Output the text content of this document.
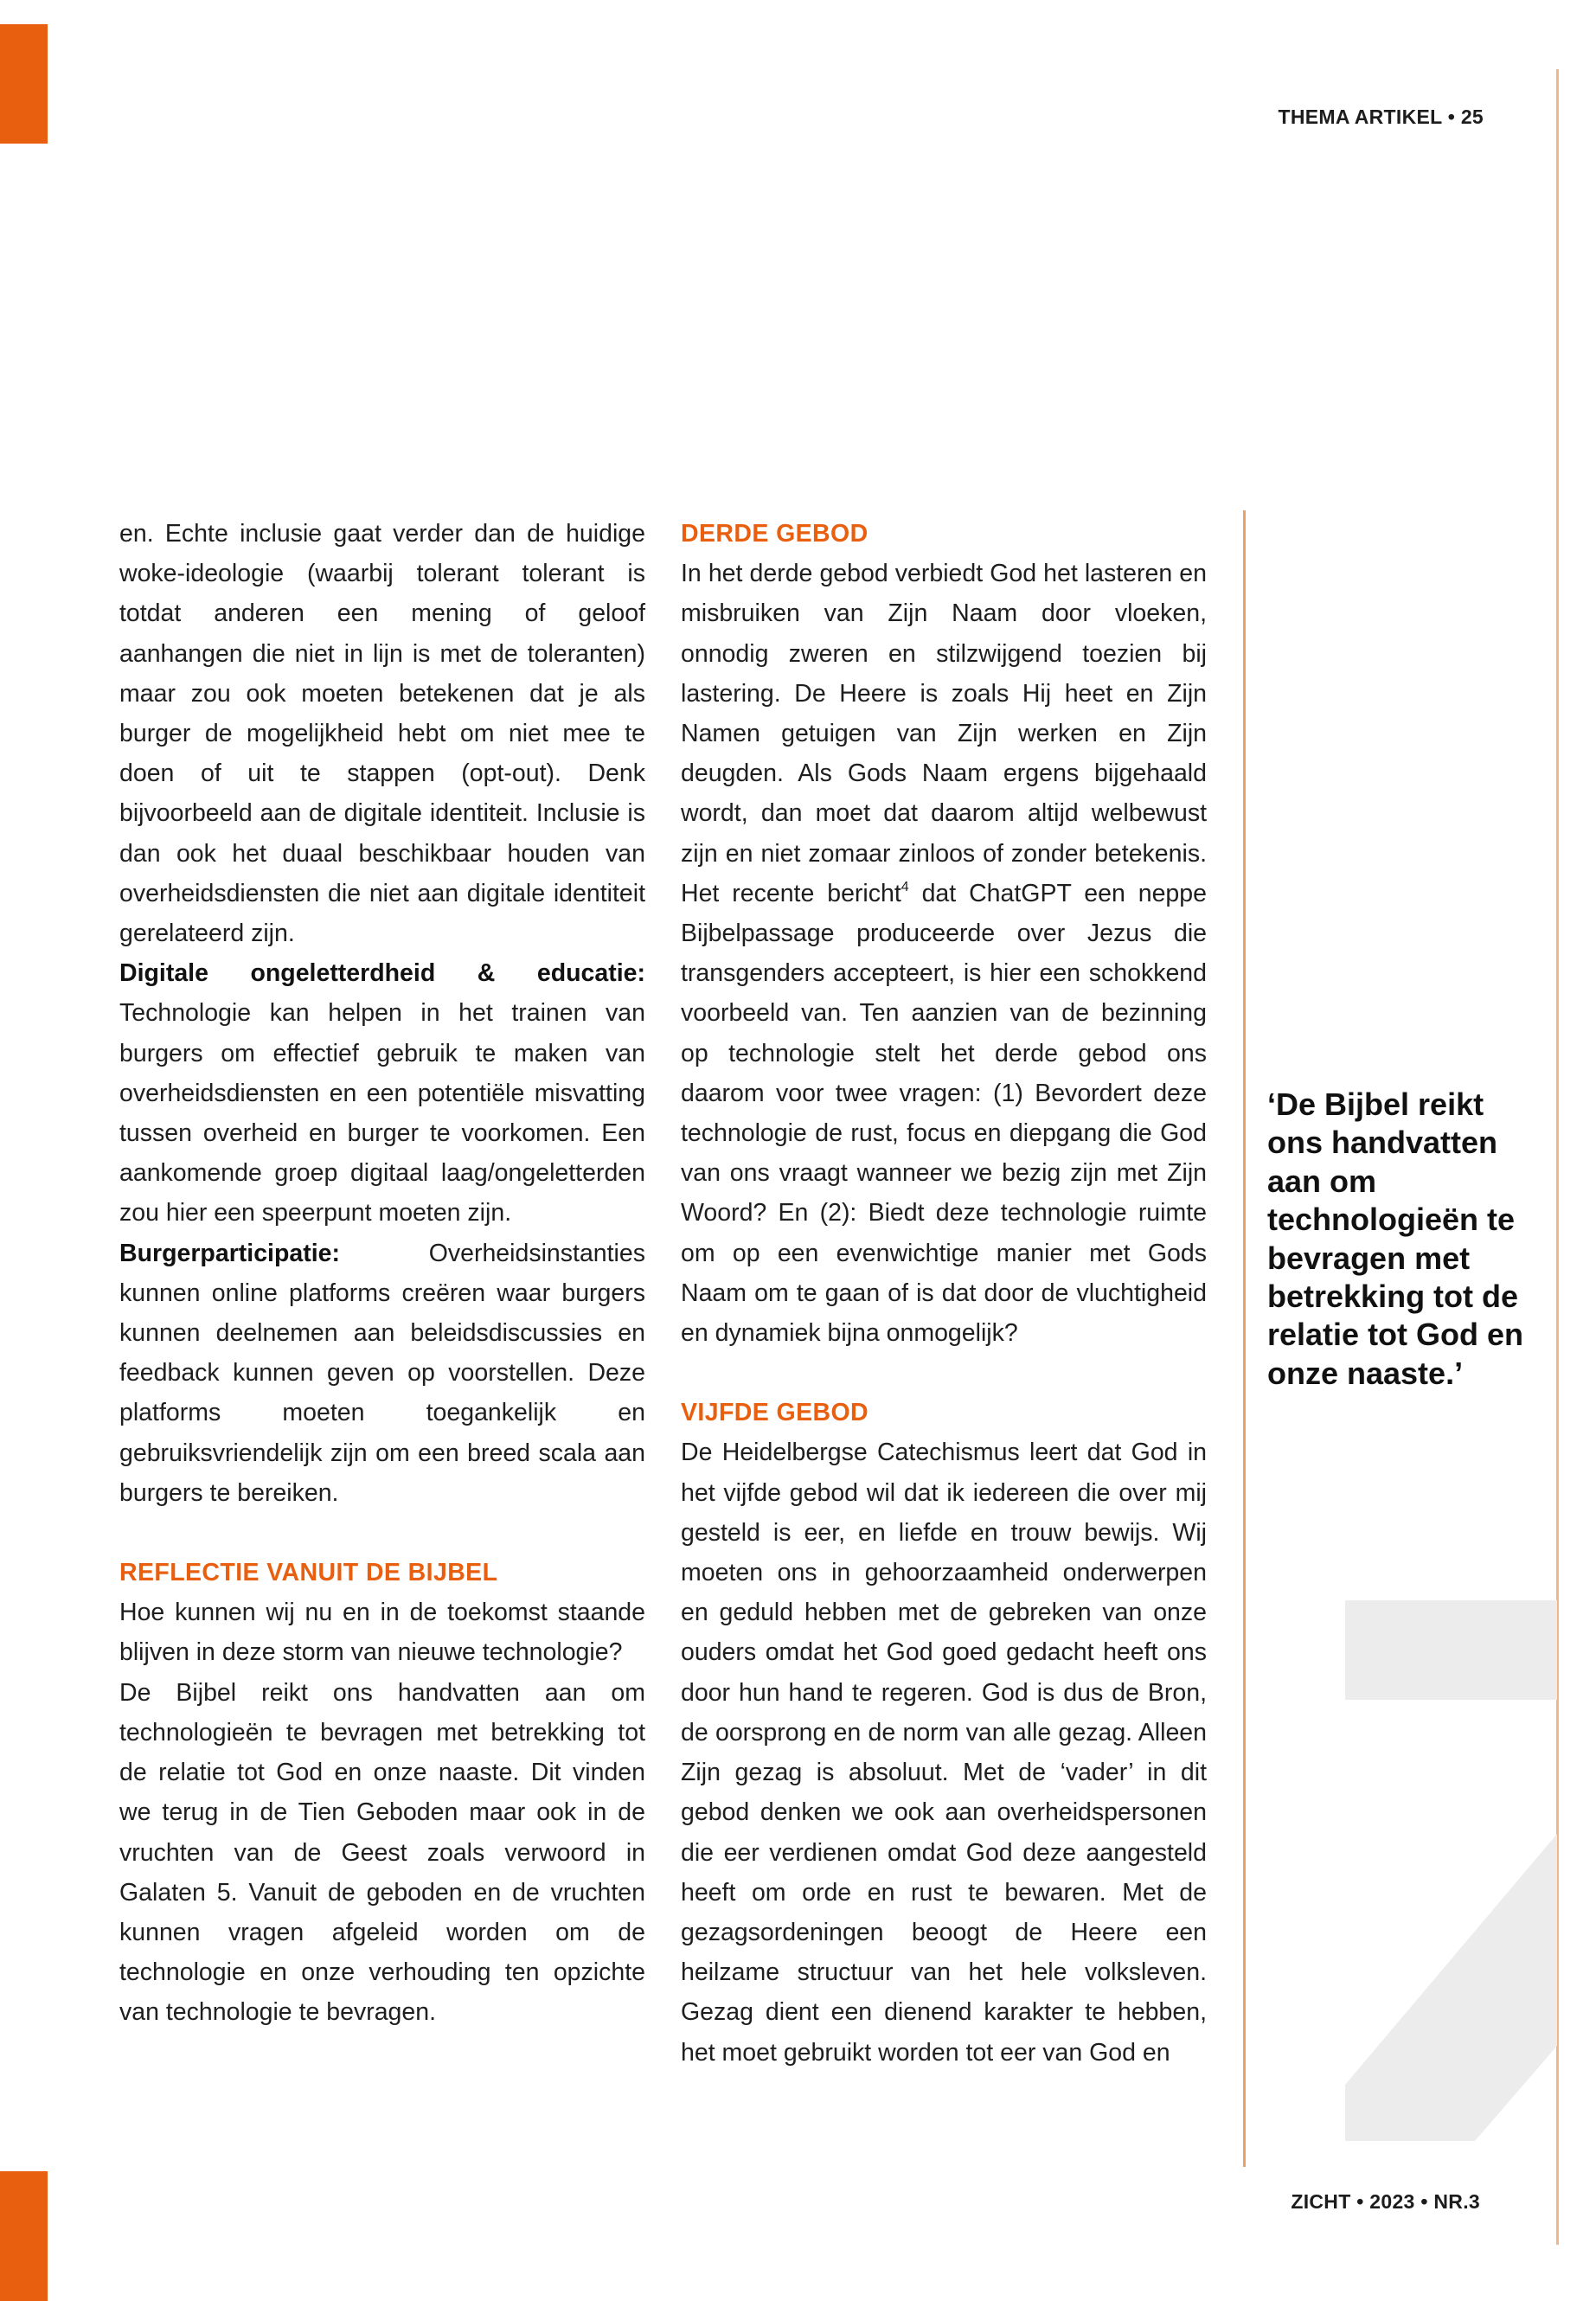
THEMA ARTIKEL • 25

en. Echte inclusie gaat verder dan de huidige woke-ideologie (waarbij tolerant tolerant is totdat anderen een mening of geloof aanhangen die niet in lijn is met de toleranten) maar zou ook moeten betekenen dat je als burger de mogelijkheid hebt om niet mee te doen of uit te stappen (opt-out). Denk bijvoorbeeld aan de digitale identiteit. Inclusie is dan ook het duaal beschikbaar houden van overheidsdiensten die niet aan digitale identiteit gerelateerd zijn.

Digitale ongeletterdheid & educatie: Technologie kan helpen in het trainen van burgers om effectief gebruik te maken van overheidsdiensten en een potentiële misvatting tussen overheid en burger te voorkomen. Een aankomende groep digitaal laag/ongeletterden zou hier een speerpunt moeten zijn.

Burgerparticipatie: Overheidsinstanties kunnen online platforms creëren waar burgers kunnen deelnemen aan beleidsdiscussies en feedback kunnen geven op voorstellen. Deze platforms moeten toegankelijk en gebruiksvriendelijk zijn om een breed scala aan burgers te bereiken.

REFLECTIE VANUIT DE BIJBEL

Hoe kunnen wij nu en in de toekomst staande blijven in deze storm van nieuwe technologie?

De Bijbel reikt ons handvatten aan om technologieën te bevragen met betrekking tot de relatie tot God en onze naaste. Dit vinden we terug in de Tien Geboden maar ook in de vruchten van de Geest zoals verwoord in Galaten 5. Vanuit de geboden en de vruchten kunnen vragen afgeleid worden om de technologie en onze verhouding ten opzichte van technologie te bevragen.

DERDE GEBOD

In het derde gebod verbiedt God het lasteren en misbruiken van Zijn Naam door vloeken, onnodig zweren en stilzwijgend toezien bij lastering. De Heere is zoals Hij heet en Zijn Namen getuigen van Zijn werken en Zijn deugden. Als Gods Naam ergens bijgehaald wordt, dan moet dat daarom altijd welbewust zijn en niet zomaar zinloos of zonder betekenis. Het recente bericht$^4$ dat ChatGPT een neppe Bijbelpassage produceerde over Jezus die transgenders accepteert, is hier een schokkend voorbeeld van. Ten aanzien van de bezinning op technologie stelt het derde gebod ons daarom voor twee vragen: (1) Bevordert deze technologie de rust, focus en diepgang die God van ons vraagt wanneer we bezig zijn met Zijn Woord? En (2): Biedt deze technologie ruimte om op een evenwichtige manier met Gods Naam om te gaan of is dat door de vluchtigheid en dynamiek bijna onmogelijk?

VIJFDE GEBOD

De Heidelbergse Catechismus leert dat God in het vijfde gebod wil dat ik iedereen die over mij gesteld is eer, en liefde en trouw bewijs. Wij moeten ons in gehoorzaamheid onderwerpen en geduld hebben met de gebreken van onze ouders omdat het God goed gedacht heeft ons door hun hand te regeren. God is dus de Bron, de oorsprong en de norm van alle gezag. Alleen Zijn gezag is absoluut. Met de ‘vader’ in dit gebod denken we ook aan overheidspersonen die eer verdienen omdat God deze aangesteld heeft om orde en rust te bewaren. Met de gezagsordeningen beoogt de Heere een heilzame structuur van het hele volksleven. Gezag dient een dienend karakter te hebben, het moet gebruikt worden tot eer van God en

‘De Bijbel reikt ons handvatten aan om technologieën te bevragen met betrekking tot de relatie tot God en onze naaste.’

ZICHT • 2023 • NR.3
